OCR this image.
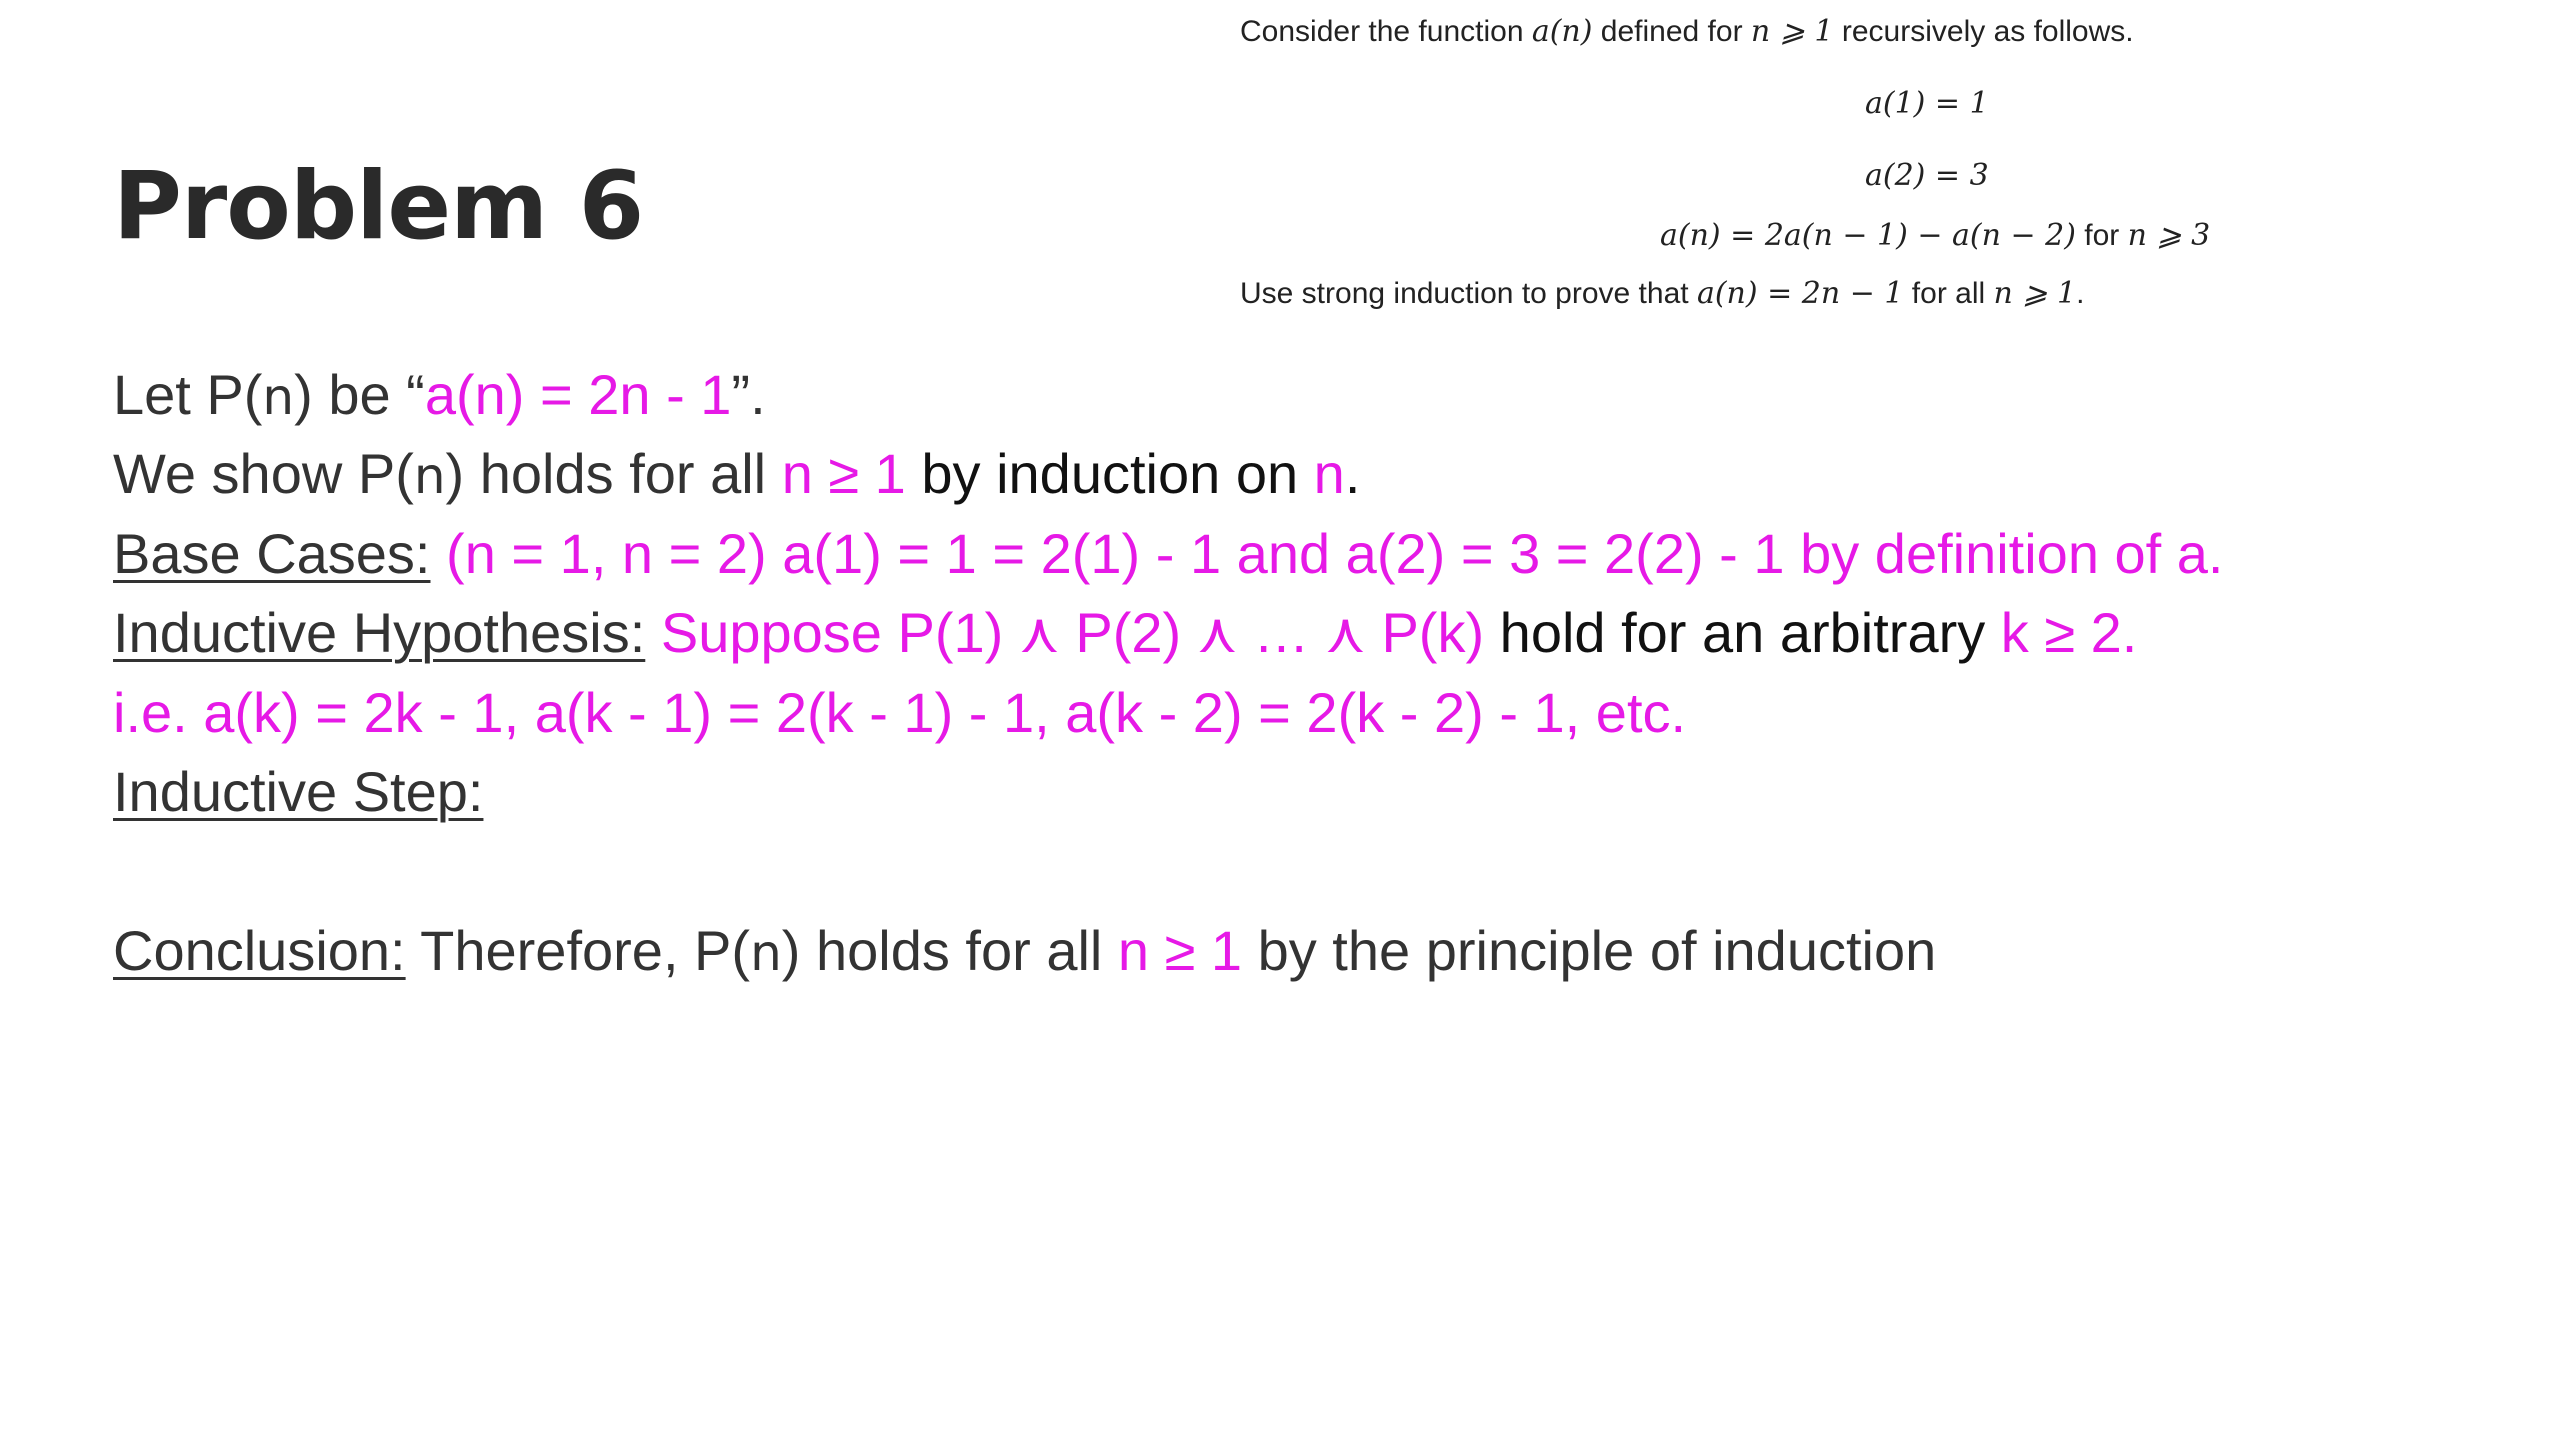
Consider the function a(n) defined for n ⩾ 1 recursively as follows.
a(1) = 1
a(2) = 3
a(n) = 2a(n − 1) − a(n − 2) for n ⩾ 3
Use strong induction to prove that a(n) = 2n − 1 for all n ⩾ 1.
Problem 6
Let P(n) be “a(n) = 2n - 1”.
We show P(n) holds for all n ≥ 1 by induction on n.
Base Cases: (n = 1, n = 2) a(1) = 1 = 2(1) - 1 and a(2) = 3 = 2(2) - 1 by definition of a.
Inductive Hypothesis: Suppose P(1) ⋏ P(2) ⋏ … ⋏ P(k) hold for an arbitrary k ≥ 2.
i.e. a(k) = 2k - 1, a(k - 1) = 2(k - 1) - 1, a(k - 2) = 2(k - 2) - 1, etc.
Inductive Step:
Conclusion: Therefore, P(n) holds for all n ≥ 1 by the principle of induction
